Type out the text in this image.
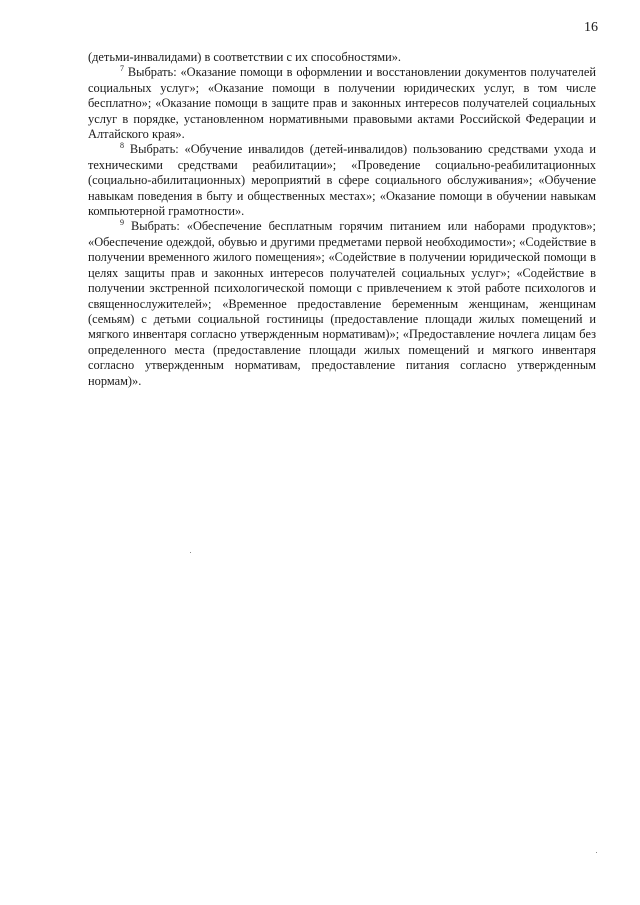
16

(детьми-инвалидами) в соответствии с их способностями».

$^7$ Выбрать: «Оказание помощи в оформлении и восстановлении документов получателей социальных услуг»; «Оказание помощи в получении юридических услуг, в том числе бесплатно»; «Оказание помощи в защите прав и законных интересов получателей социальных услуг в порядке, установленном нормативными правовыми актами Российской Федерации и Алтайского края».

$^8$ Выбрать: «Обучение инвалидов (детей-инвалидов) пользованию средствами ухода и техническими средствами реабилитации»; «Проведение социально-реабилитационных (социально-абилитационных) мероприятий в сфере социального обслуживания»; «Обучение навыкам поведения в быту и общественных местах»; «Оказание помощи в обучении навыкам компьютерной грамотности».

$^9$ Выбрать: «Обеспечение бесплатным горячим питанием или наборами продуктов»; «Обеспечение одеждой, обувью и другими предметами первой необходимости»; «Содействие в получении временного жилого помещения»; «Содействие в получении юридической помощи в целях защиты прав и законных интересов получателей социальных услуг»; «Содействие в получении экстренной психологической помощи с привлечением к этой работе психологов и священнослужителей»; «Временное предоставление беременным женщинам, женщинам (семьям) с детьми социальной гостиницы (предоставление площади жилых помещений и мягкого инвентаря согласно утвержденным нормативам)»; «Предоставление ночлега лицам без определенного места (предоставление площади жилых помещений и мягкого инвентаря согласно утвержденным нормативам, предоставление питания согласно утвержденным нормам)».
